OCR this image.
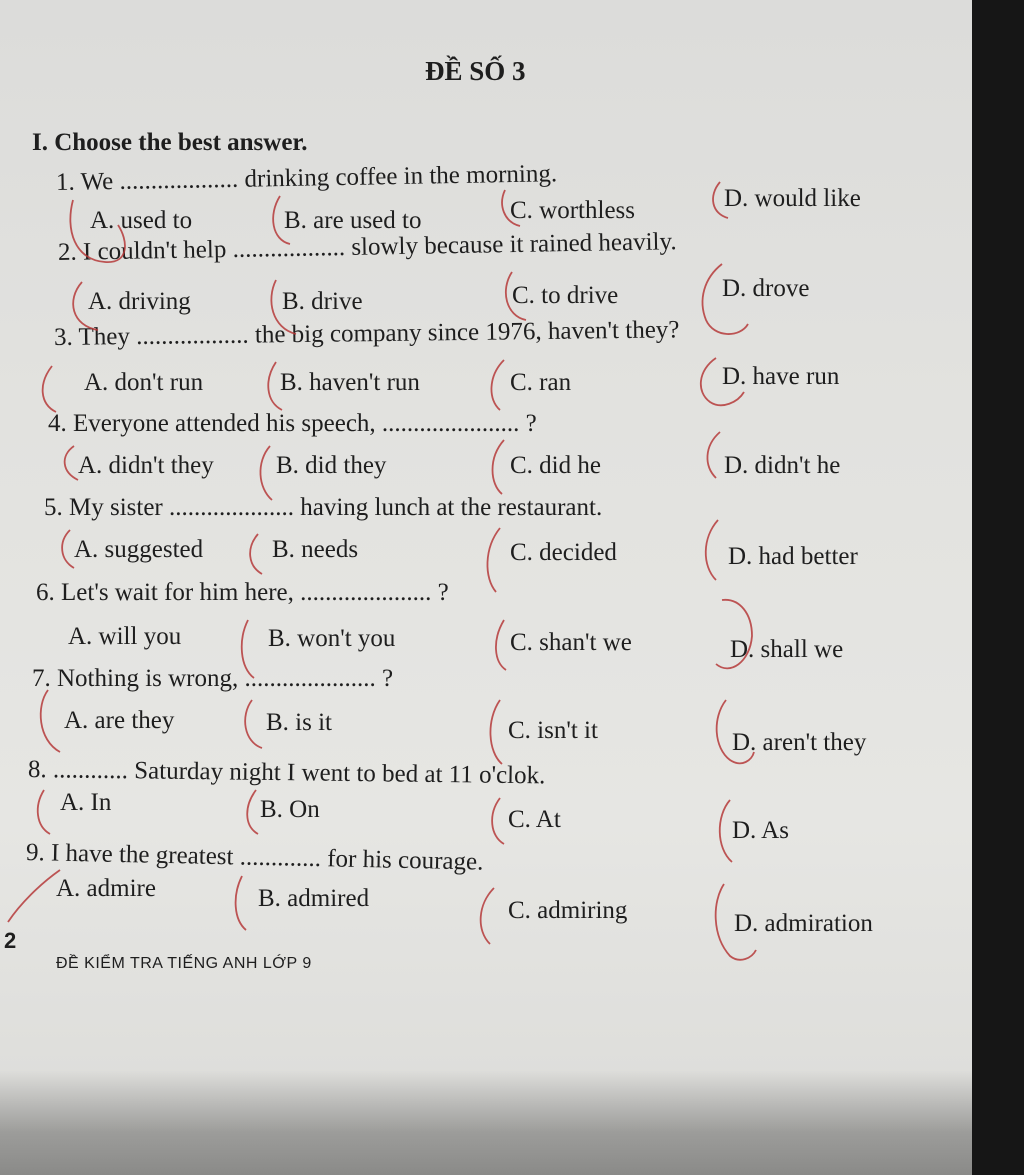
ĐỀ SỐ 3
I. Choose the best answer.
1. We ................... drinking coffee in the morning.
A. used to	B. are used to	C. worthless	D. would like
2. I couldn't help .................. slowly because it rained heavily.
A. driving	B. drive	C. to drive	D. drove
3. They .................. the big company since 1976, haven't they?
A. don't run	B. haven't run	C. ran	D. have run
4. Everyone attended his speech, ...................... ?
A. didn't they B. did they	C. did he	D. didn't he
5. My sister .................... having lunch at the restaurant.
A. suggested	B. needs	C. decided	D. had better
6. Let's wait for him here, ..................... ?
A. will you	B. won't you	C. shan't we	D. shall we
7. Nothing is wrong, ..................... ?
A. are they	B. is it	C. isn't it	D. aren't they
8. ............ Saturday night I went to bed at 11 o'clok.
A. In	B. On	C. At	D. As
9. I have the greatest ............. for his courage.
A. admire	B. admired	C. admiring	D. admiration
2
ĐỀ KIỂM TRA TIẾNG ANH LỚP 9
